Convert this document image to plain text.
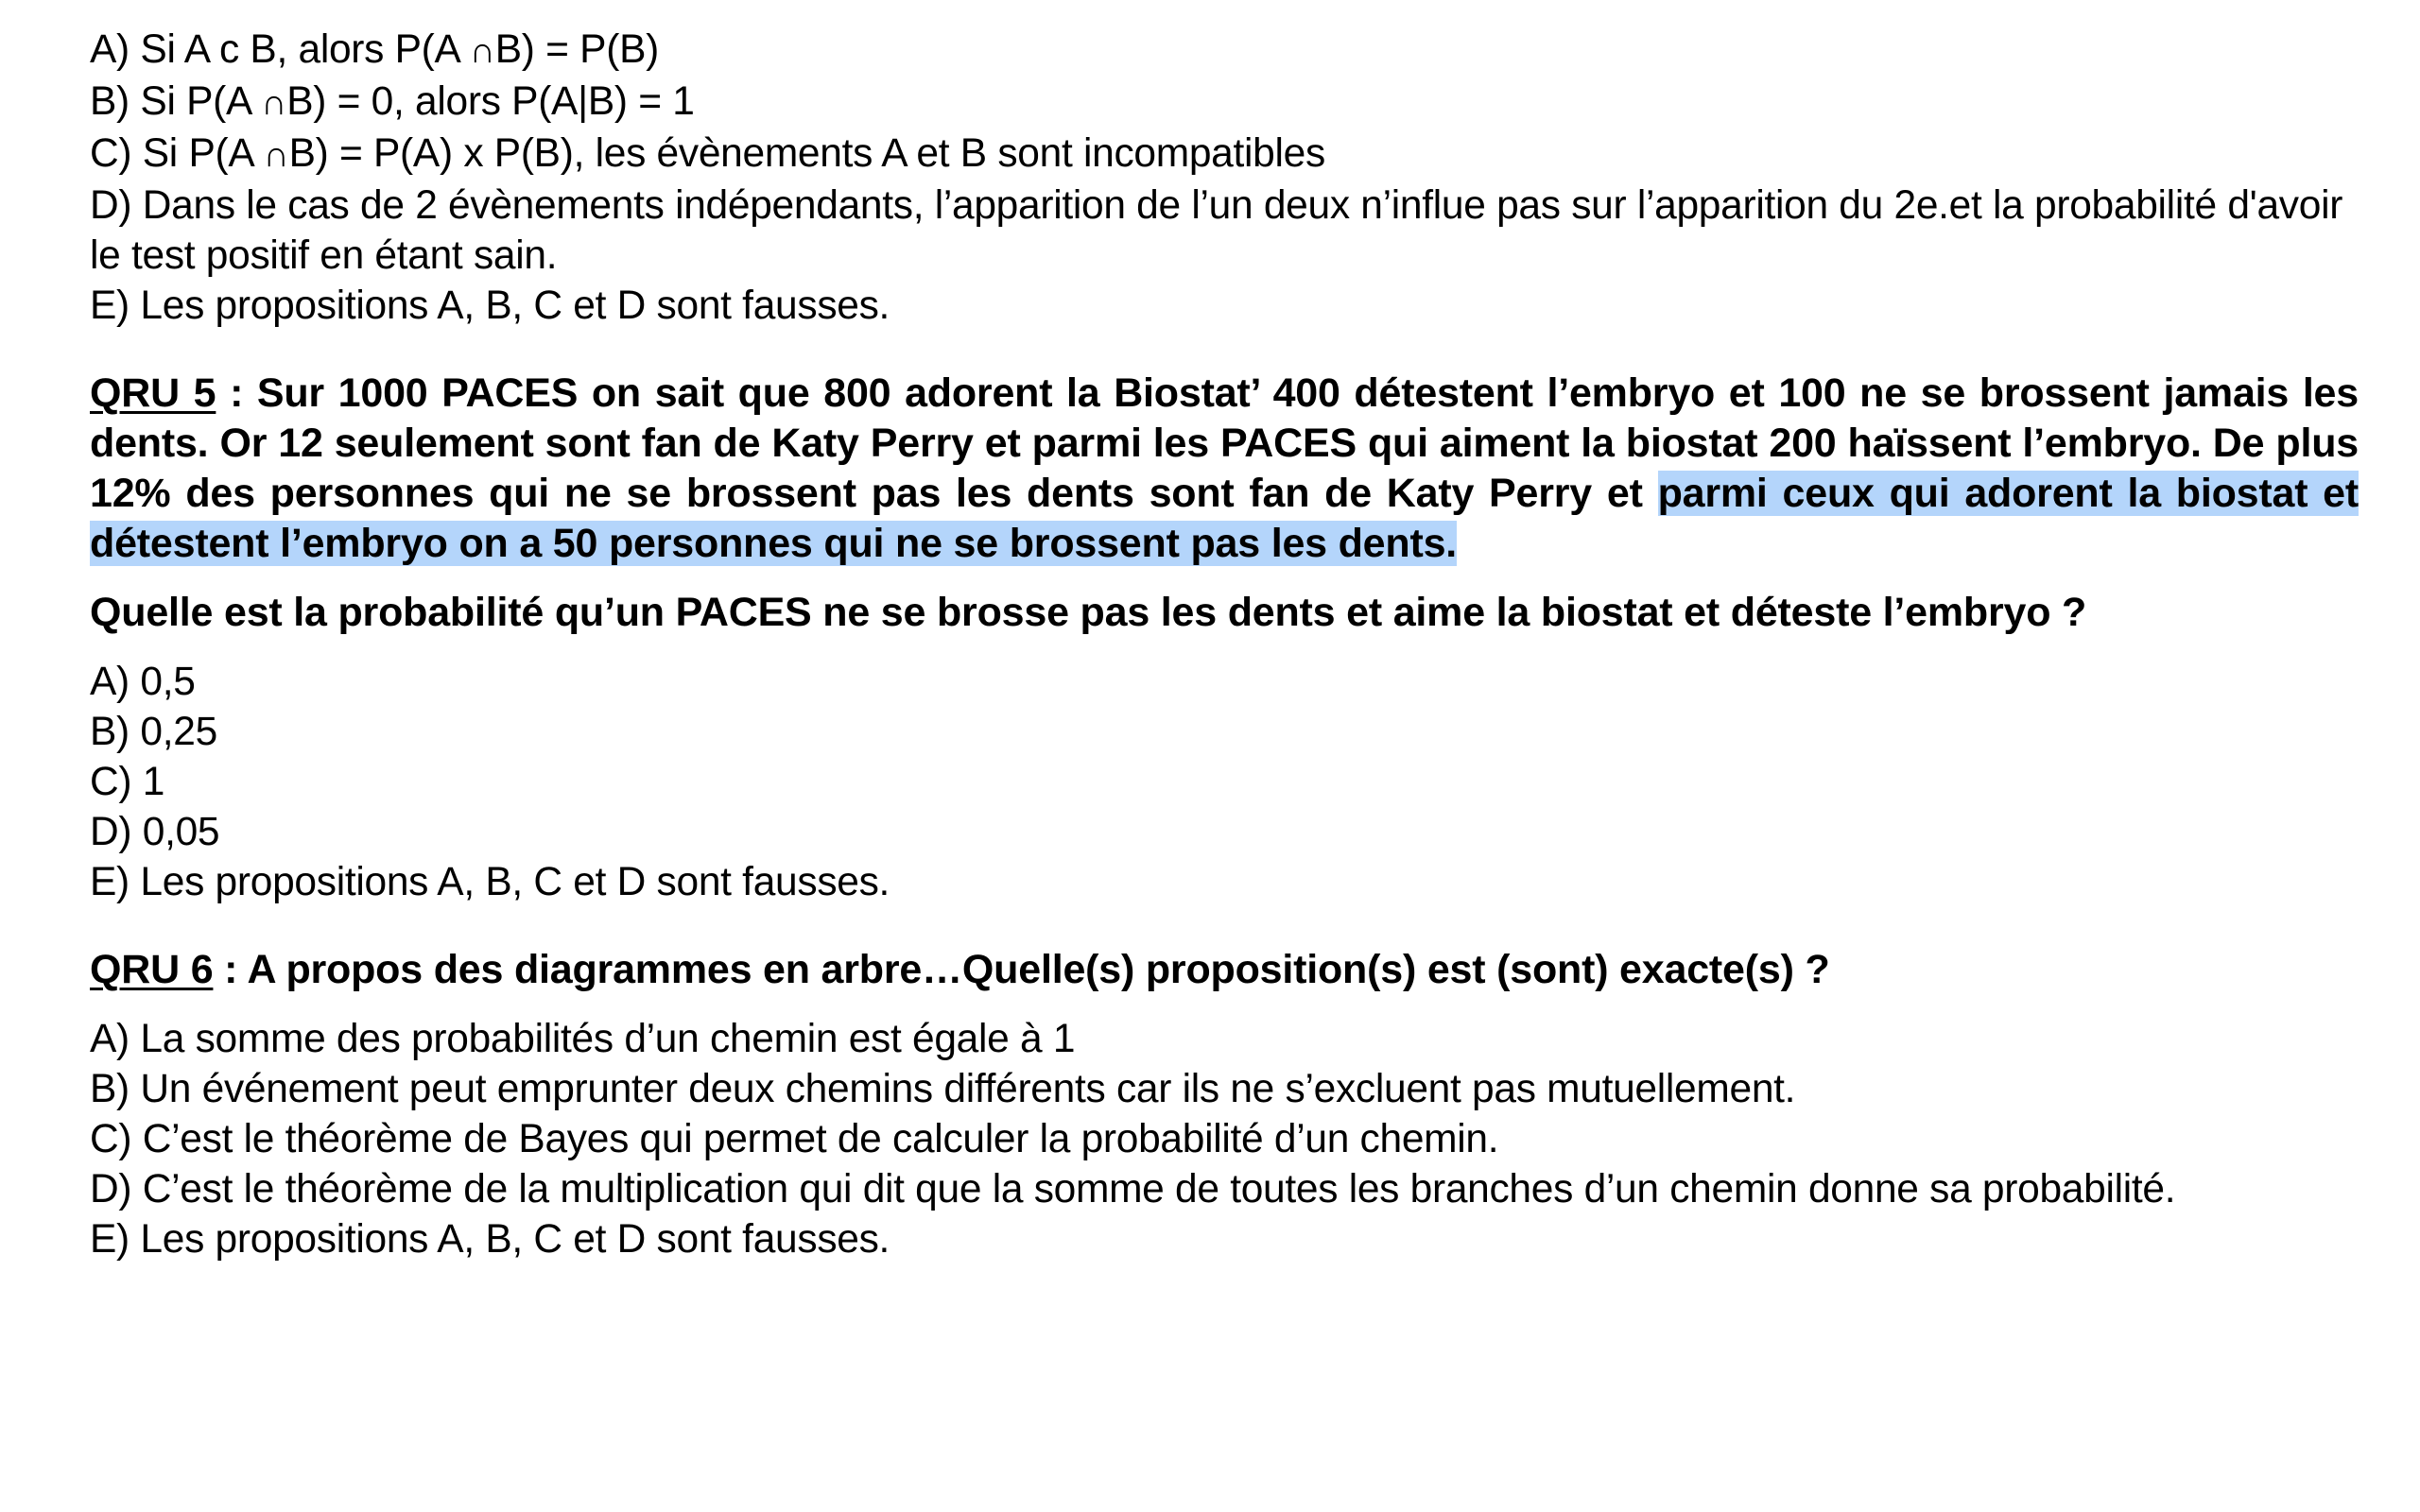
A) Si A c B, alors P(A ∩B) = P(B)
B) Si P(A ∩B) = 0, alors P(A|B) = 1
C) Si P(A ∩B) = P(A) x P(B), les évènements A et B sont incompatibles
D) Dans le cas de 2 évènements indépendants, l’apparition de l’un deux n’influe pas sur l’apparition du 2e.et la probabilité d'avoir le test positif en étant sain.
E) Les propositions A, B, C et D sont fausses.
QRU 5 : Sur 1000 PACES on sait que 800 adorent la Biostat’ 400 détestent l’embryo et 100 ne se brossent jamais les dents. Or 12 seulement sont fan de Katy Perry et parmi les PACES qui aiment la biostat 200 haïssent l’embryo. De plus 12% des personnes qui ne se brossent pas les dents sont fan de Katy Perry et parmi ceux qui adorent la biostat et détestent l’embryo on a 50 personnes qui ne se brossent pas les dents.
Quelle est la probabilité qu’un PACES ne se brosse pas les dents et aime la biostat et déteste l’embryo ?
A) 0,5
B) 0,25
C) 1
D) 0,05
E) Les propositions A, B, C et D sont fausses.
QRU 6 : A propos des diagrammes en arbre…Quelle(s) proposition(s) est (sont) exacte(s) ?
A) La somme des probabilités d’un chemin est égale à 1
B) Un événement peut emprunter deux chemins différents car ils ne s’excluent pas mutuellement.
C) C’est le théorème de Bayes qui permet de calculer la probabilité d’un chemin.
D) C’est le théorème de la multiplication qui dit que la somme de toutes les branches d’un chemin donne sa probabilité.
E) Les propositions A, B, C et D sont fausses.
